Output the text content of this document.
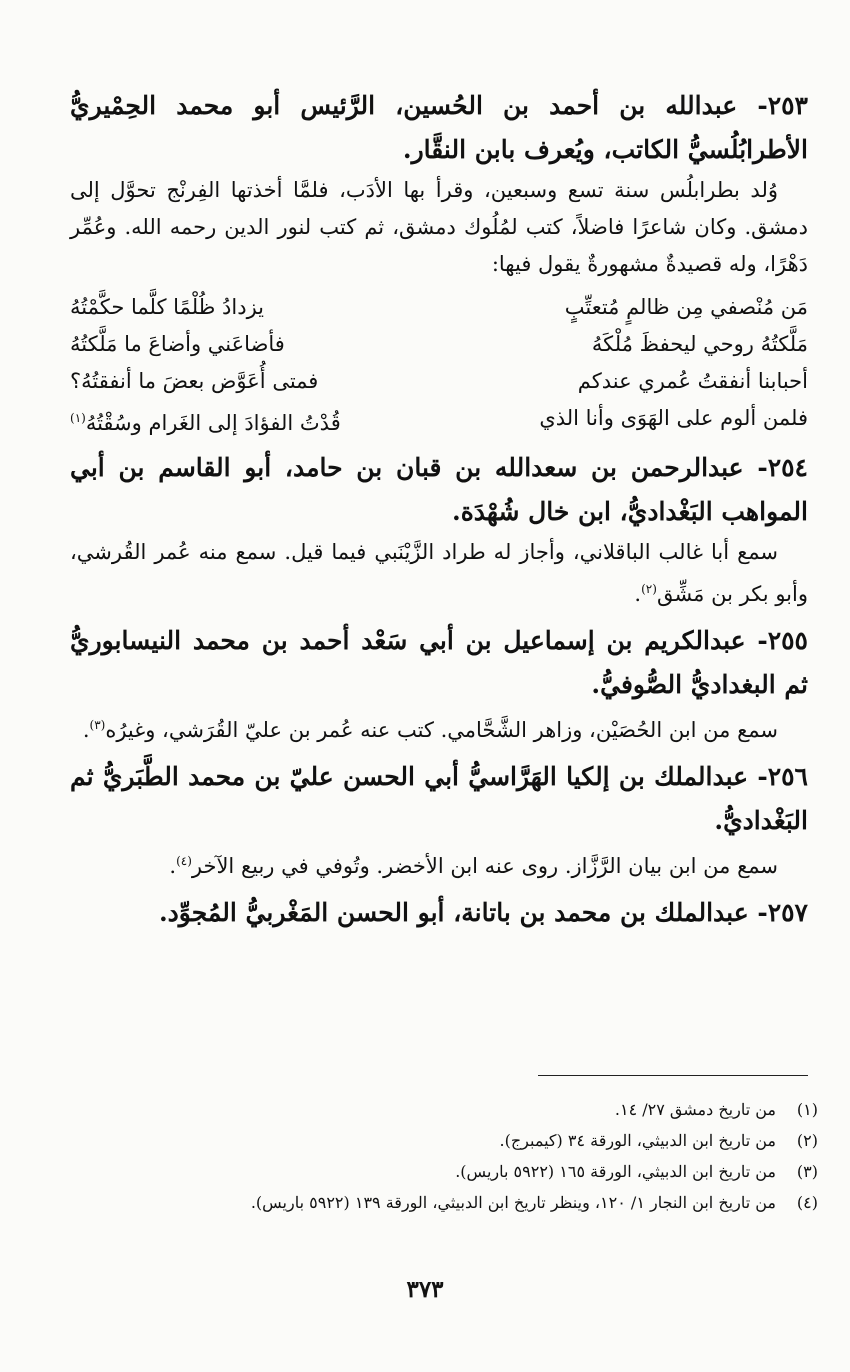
٢٥٣- عبدالله بن أحمد بن الحُسين، الرَّئيس أبو محمد الحِمْيريُّ الأطرابُلُسيُّ الكاتب، ويُعرف بابن النقَّار.

وُلد بطرابلُس سنة تسع وسبعين، وقرأ بها الأدَب، فلمَّا أخذتها الفِرنْج تحوَّل إلى دمشق. وكان شاعرًا فاضلاً، كتب لمُلُوك دمشق، ثم كتب لنور الدين رحمه الله. وعُمِّر دَهْرًا، وله قصيدةٌ مشهورةٌ يقول فيها:

مَن مُنْصفي مِن ظالمٍ مُتعتِّبٍ
يزدادُ ظُلْمًا كلَّما حكَّمْتُهُ
مَلَّكتُهُ روحي ليحفظَ مُلْكَهُ
فأضاعَني وأضاعَ ما مَلَّكتُهُ
أحبابنا أنفقتُ عُمري عندكم
فمتى أُعَوَّض بعضَ ما أنفقتُهُ؟
فلمن ألوم على الهَوَى وأنا الذي
قُدْتُ الفؤادَ إلى الغَرام وسُقْتُهُ$^{(١)}$

٢٥٤- عبدالرحمن بن سعدالله بن قبان بن حامد، أبو القاسم بن أبي المواهب البَغْداديُّ، ابن خال شُهْدَة.

سمع أبا غالب الباقلاني، وأجاز له طراد الزَّيْنَبي فيما قيل. سمع منه عُمر القُرشي، وأبو بكر بن مَشِّق$^{(٢)}$.

٢٥٥- عبدالكريم بن إسماعيل بن أبي سَعْد أحمد بن محمد النيسابوريُّ ثم البغداديُّ الصُّوفيُّ.

سمع من ابن الحُصَيْن، وزاهر الشَّحَّامي. كتب عنه عُمر بن عليّ القُرَشي، وغيرُه$^{(٣)}$.

٢٥٦- عبدالملك بن إلكيا الهَرَّاسيُّ أبي الحسن عليّ بن محمد الطَّبَريُّ ثم البَغْداديُّ.

سمع من ابن بيان الرَّزَّاز. روى عنه ابن الأخضر. وتُوفي في ربيع الآخر$^{(٤)}$.

٢٥٧- عبدالملك بن محمد بن باتانة، أبو الحسن المَغْربيُّ المُجوِّد.

(١)
من تاريخ دمشق ٢٧/ ١٤.
(٢)
من تاريخ ابن الدبيثي، الورقة ٣٤ (كيمبرج).
(٣)
من تاريخ ابن الدبيثي، الورقة ١٦٥ (٥٩٢٢ باريس).
(٤)
من تاريخ ابن النجار ١/ ١٢٠، وينظر تاريخ ابن الدبيثي، الورقة ١٣٩ (٥٩٢٢ باريس).
٣٧٣
